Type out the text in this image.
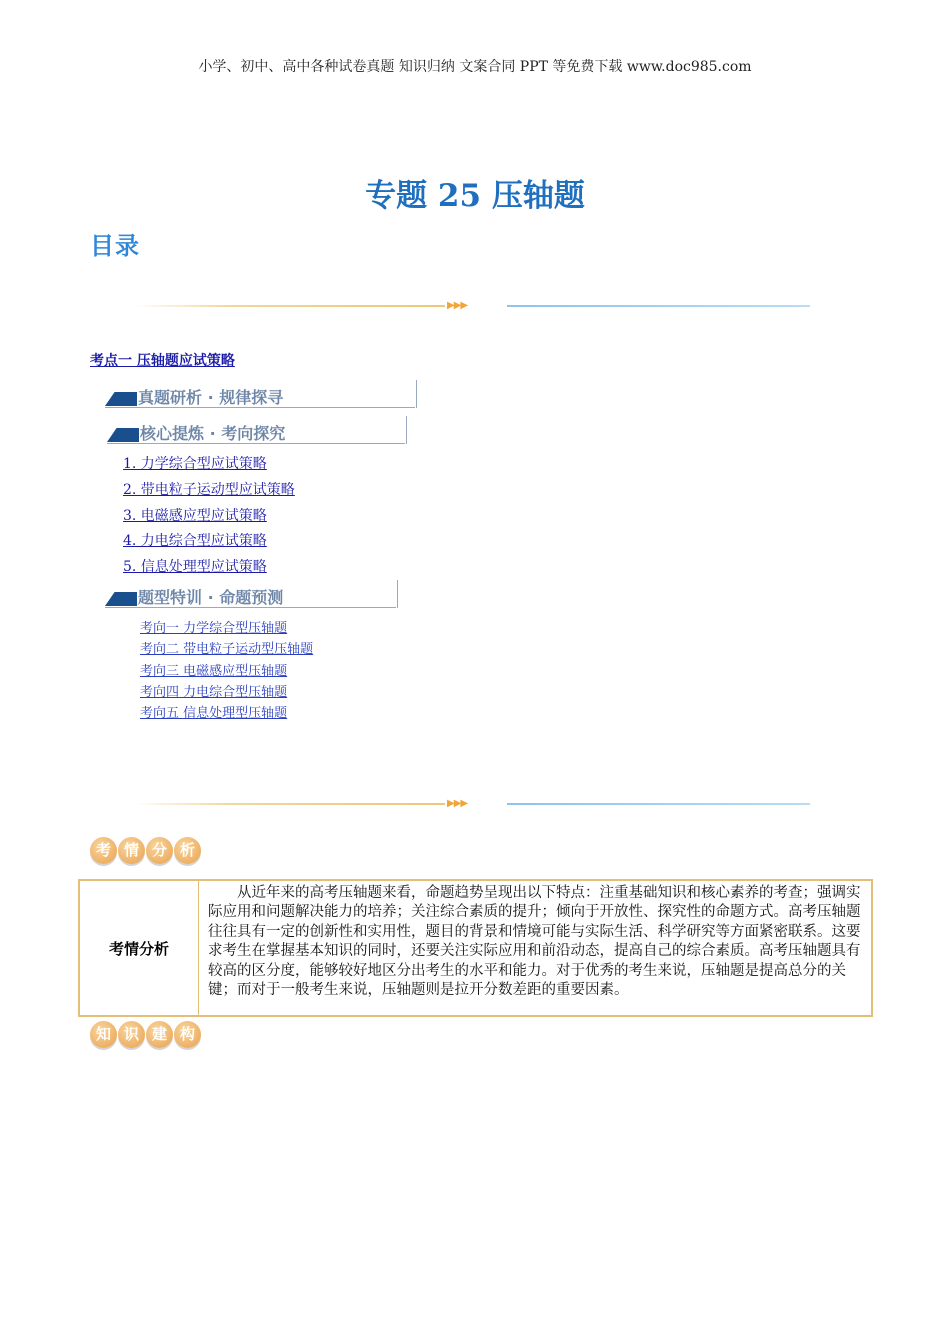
小学、初中、高中各种试卷真题 知识归纳 文案合同 PPT 等免费下载 www.doc985.com
专题 25 压轴题
目录
▶▶▶
考点一 压轴题应试策略
真题研析 · 规律探寻
核心提炼 · 考向探究
1. 力学综合型应试策略
2. 带电粒子运动型应试策略
3. 电磁感应型应试策略
4. 力电综合型应试策略
5. 信息处理型应试策略
题型特训 · 命题预测
考向一 力学综合型压轴题
考向二 带电粒子运动型压轴题
考向三 电磁感应型压轴题
考向四 力电综合型压轴题
考向五 信息处理型压轴题
▶▶▶
考 情 分 析
考情分析
从近年来的高考压轴题来看，命题趋势呈现出以下特点：注重基础知识和核心素养的考查；强调实际应用和问题解决能力的培养；关注综合素质的提升；倾向于开放性、探究性的命题方式。高考压轴题往往具有一定的创新性和实用性，题目的背景和情境可能与实际生活、科学研究等方面紧密联系。这要求考生在掌握基本知识的同时，还要关注实际应用和前沿动态，提高自己的综合素质。高考压轴题具有较高的区分度，能够较好地区分出考生的水平和能力。对于优秀的考生来说，压轴题是提高总分的关键；而对于一般考生来说，压轴题则是拉开分数差距的重要因素。
知 识 建 构
